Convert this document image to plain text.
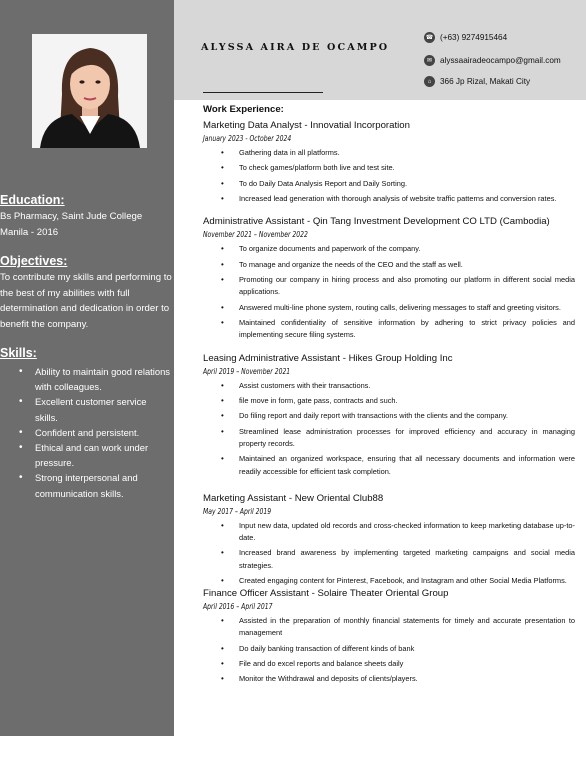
Education:

Bs Pharmacy, Saint Jude College Manila - 2016

Objectives:

To contribute my skills and performing to the best of my abilities with full determination and dedication in order to benefit the company.

Skills:

• Ability to maintain good relations with colleagues.
• Excellent customer service skills.
• Confident and persistent.
• Ethical and can work under pressure.
• Strong interpersonal and communication skills.

ALYSSA AIRA DE OCAMPO

☎ (+63) 9274915464
✉ alyssaairadeocampo@gmail.com
⌂	366 Jp Rizal, Makati City

Work Experience:

Marketing Data Analyst - Innovatial Incorporation

January 2023 - October 2024

• Gathering data in all platforms.
• To check games/platform both live and test site.
• To do Daily Data Analysis Report and Daily Sorting.
• Increased lead generation with thorough analysis of website traffic patterns and conversion rates.

Administrative Assistant - Qin Tang Investment Development CO LTD (Cambodia)

November 2021 – November 2022

• To organize documents and paperwork of the company.
• To manage and organize the needs of the CEO and the staff as well.
• Promoting our company in hiring process and also promoting our platform in different social media applications.
• Answered multi-line phone system, routing calls, delivering messages to staff and greeting visitors.
• Maintained confidentiality of sensitive information by adhering to strict privacy policies and implementing secure filing systems.

Leasing Administrative Assistant - Hikes Group Holding Inc

April 2019 – November 2021

• Assist customers with their transactions.
• file move in form, gate pass, contracts and such.
• Do filing report and daily report with transactions with the clients and the company.
• Streamlined lease administration processes for improved efficiency and accuracy in managing property records.
• Maintained an organized workspace, ensuring that all necessary documents and information were readily accessible for efficient task completion.

Marketing Assistant - New Oriental Club88

May 2017 – April 2019

• Input new data, updated old records and cross-checked information to keep marketing database up-to-date.
• Increased brand awareness by implementing targeted marketing campaigns and social media strategies.
• Created engaging content for Pinterest, Facebook, and Instagram and other Social Media Platforms.

Finance Officer Assistant - Solaire Theater Oriental Group

April 2016 – April 2017

• Assisted in the preparation of monthly financial statements for timely and accurate presentation to management
• Do daily banking transaction of different kinds of bank
• File and do excel reports and balance sheets daily
• Monitor the Withdrawal and deposits of clients/players.
